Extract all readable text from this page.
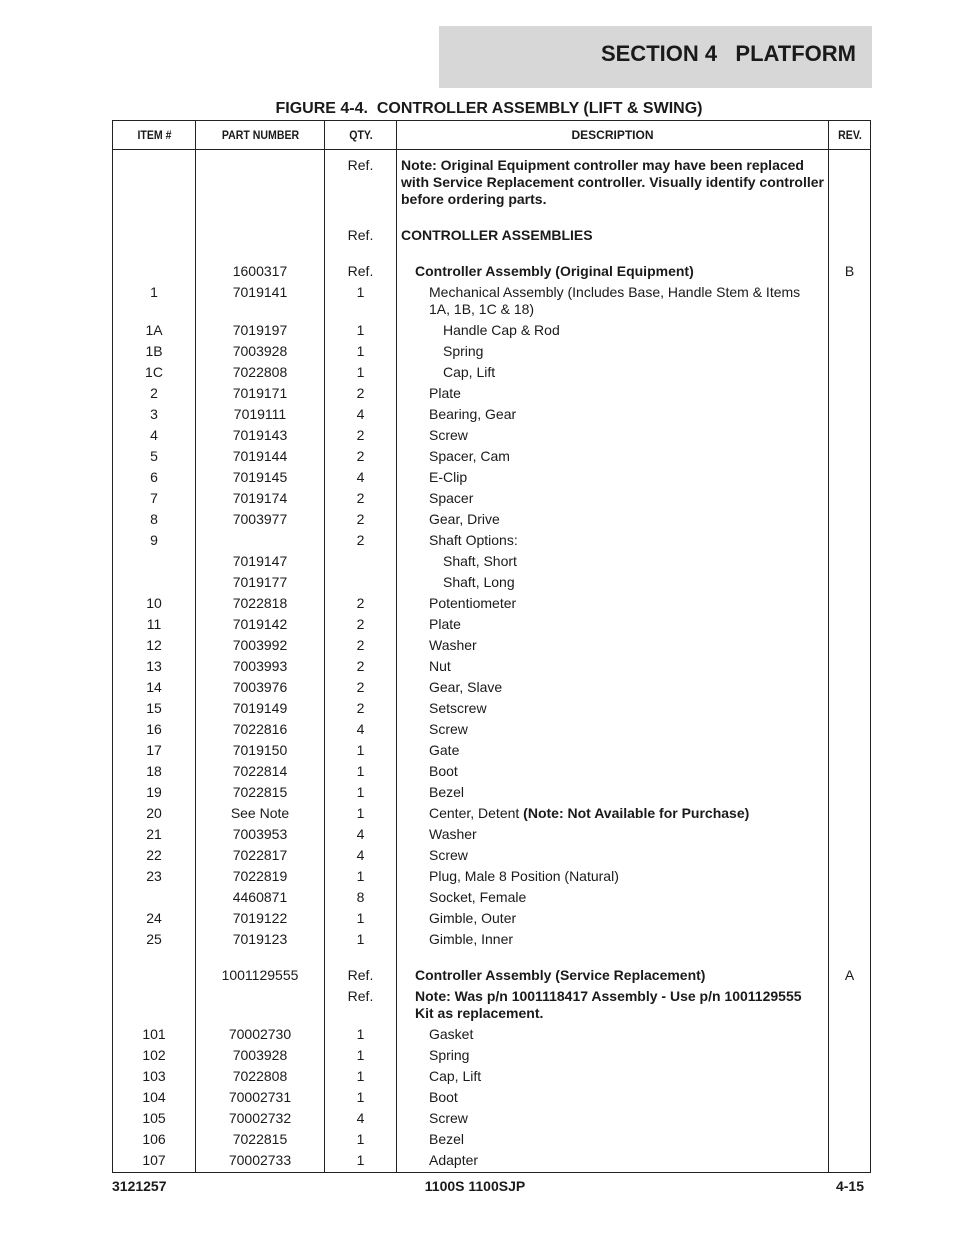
SECTION 4   PLATFORM
FIGURE 4-4.  CONTROLLER ASSEMBLY (LIFT & SWING)
ITEM #	PART NUMBER	QTY.	DESCRIPTION	REV.
		Ref.	Note: Original Equipment controller may have been replaced with Service Replacement controller. Visually identify controller before ordering parts.	

		Ref.	CONTROLLER ASSEMBLIES	

	1600317	Ref.	Controller Assembly (Original Equipment)	B
1	7019141	1	Mechanical Assembly (Includes Base, Handle Stem & Items 1A, 1B, 1C & 18)	

1A	7019197	1	Handle Cap & Rod	

1B	7003928	1	Spring	

1C	7022808	1	Cap, Lift	

2	7019171	2	Plate	

3	7019111	4	Bearing, Gear	

4	7019143	2	Screw	

5	7019144	2	Spacer, Cam	

6	7019145	4	E-Clip	

7	7019174	2	Spacer	

8	7003977	2	Gear, Drive	

9		2	Shaft Options:	

	7019147		Shaft, Short	

	7019177		Shaft, Long	

10	7022818	2	Potentiometer	

11	7019142	2	Plate	

12	7003992	2	Washer	

13	7003993	2	Nut	

14	7003976	2	Gear, Slave	

15	7019149	2	Setscrew	

16	7022816	4	Screw	

17	7019150	1	Gate	

18	7022814	1	Boot	

19	7022815	1	Bezel	

20	See Note	1	Center, Detent (Note: Not Available for Purchase)	

21	7003953	4	Washer	

22	7022817	4	Screw	

23	7022819	1	Plug, Male 8 Position (Natural)	

	4460871	8	Socket, Female	

24	7019122	1	Gimble, Outer	

25	7019123	1	Gimble, Inner	

	1001129555	Ref.	Controller Assembly (Service Replacement)	A
		Ref.	Note: Was p/n 1001118417 Assembly - Use p/n 1001129555 Kit as replacement.	

101	70002730	1	Gasket	

102	7003928	1	Spring	

103	7022808	1	Cap, Lift	

104	70002731	1	Boot	

105	70002732	4	Screw	

106	7022815	1	Bezel	

107	70002733	1	Adapter	

3121257	1100S 1100SJP	4-15
